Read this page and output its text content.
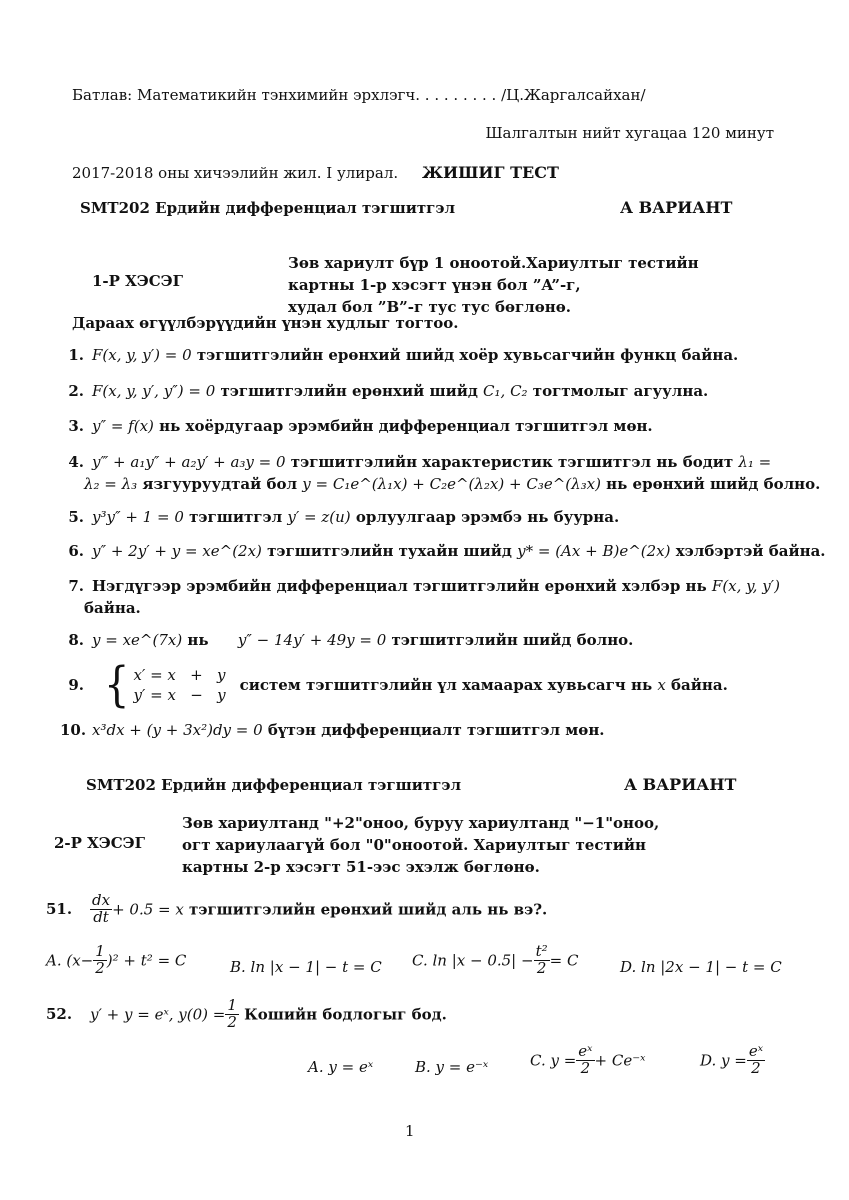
Батлав: Математикийн тэнхимийн эрхлэгч. . . . . . . . . /Ц.Жаргалсайхан/
Шалгалтын нийт хугацаа 120 минут
2017-2018 оны хичээлийн жил. I улирал. ЖИШИГ ТЕСТ
SMT202 Ердийн дифференциал тэгшитгэл	А ВАРИАНТ
1-Р ХЭСЭГ
Зөв хариулт бүр 1 оноотой.Хариултыг тестийн
картны 1-р хэсэгт үнэн бол ”A”-г,
худал бол ”B”-г тус тус бөглөнө.
Дараах өгүүлбэрүүдийн үнэн худлыг тогтоо.
1. F(x, y, y′) = 0 тэгшитгэлийн ерөнхий шийд хоёр хувьсагчийн функц байна.
2. F(x, y, y′, y″) = 0 тэгшитгэлийн ерөнхий шийд C₁, C₂ тогтмолыг агуулна.
3. y″ = f(x) нь хоёрдугаар эрэмбийн дифференциал тэгшитгэл мөн.
4. y‴ + a₁y″ + a₂y′ + a₃y = 0 тэгшитгэлийн характеристик тэгшитгэл нь бодит λ₁ =
λ₂ = λ₃ язгууруудтай бол y = C₁e^(λ₁x) + C₂e^(λ₂x) + C₃e^(λ₃x) нь ерөнхий шийд болно.
5. y³y″ + 1 = 0 тэгшитгэл y′ = z(u) орлуулгаар эрэмбэ нь буурна.
6. y″ + 2y′ + y = xe^(2x) тэгшитгэлийн тухайн шийд y* = (Ax + B)e^(2x) хэлбэртэй байна.
7. Нэгдүгээр эрэмбийн дифференциал тэгшитгэлийн ерөнхий хэлбэр нь F(x, y, y′)
байна.
8. y = xe^(7x) нь y″ − 14y′ + 49y = 0 тэгшитгэлийн шийд болно.
9. { x′ = x   +   y
y′ = x   −   y
систем тэгшитгэлийн үл хамаарах хувьсагч нь x байна.
10. x³dx + (y + 3x²)dy = 0 бүтэн дифференциалт тэгшитгэл мөн.
SMT202 Ердийн дифференциал тэгшитгэл	А ВАРИАНТ
2-Р ХЭСЭГ
Зөв хариултанд "+2"оноо, буруу хариултанд "−1"оноо,
огт хариулаагүй бол "0"оноотой. Хариултыг тестийн
картны 2-р хэсэгт 51-ээс эхэлж бөглөнө.
51. $\frac{dx}{dt} + 0.5 = x$ тэгшитгэлийн ерөнхий шийд аль нь вэ?.
A. $(x- \frac{1}{2} )^2 + t^2 = C$	B. ln |x − 1| − t = C C. $\ln |x - 0.5| - \frac{\text{t²}}{2} = C$	D. ln |2x − 1| − t = C
52. y′ + y = eˣ, $y(0) = \frac{1}{2}$ Кошийн бодлогыг бод.
A. y = eˣ	B. y = e⁻ˣ	C. $y = \frac{\text{eˣ}}{2}$ + Ce⁻ˣ	D. $y = \frac{\text{eˣ}}{2}$
1
